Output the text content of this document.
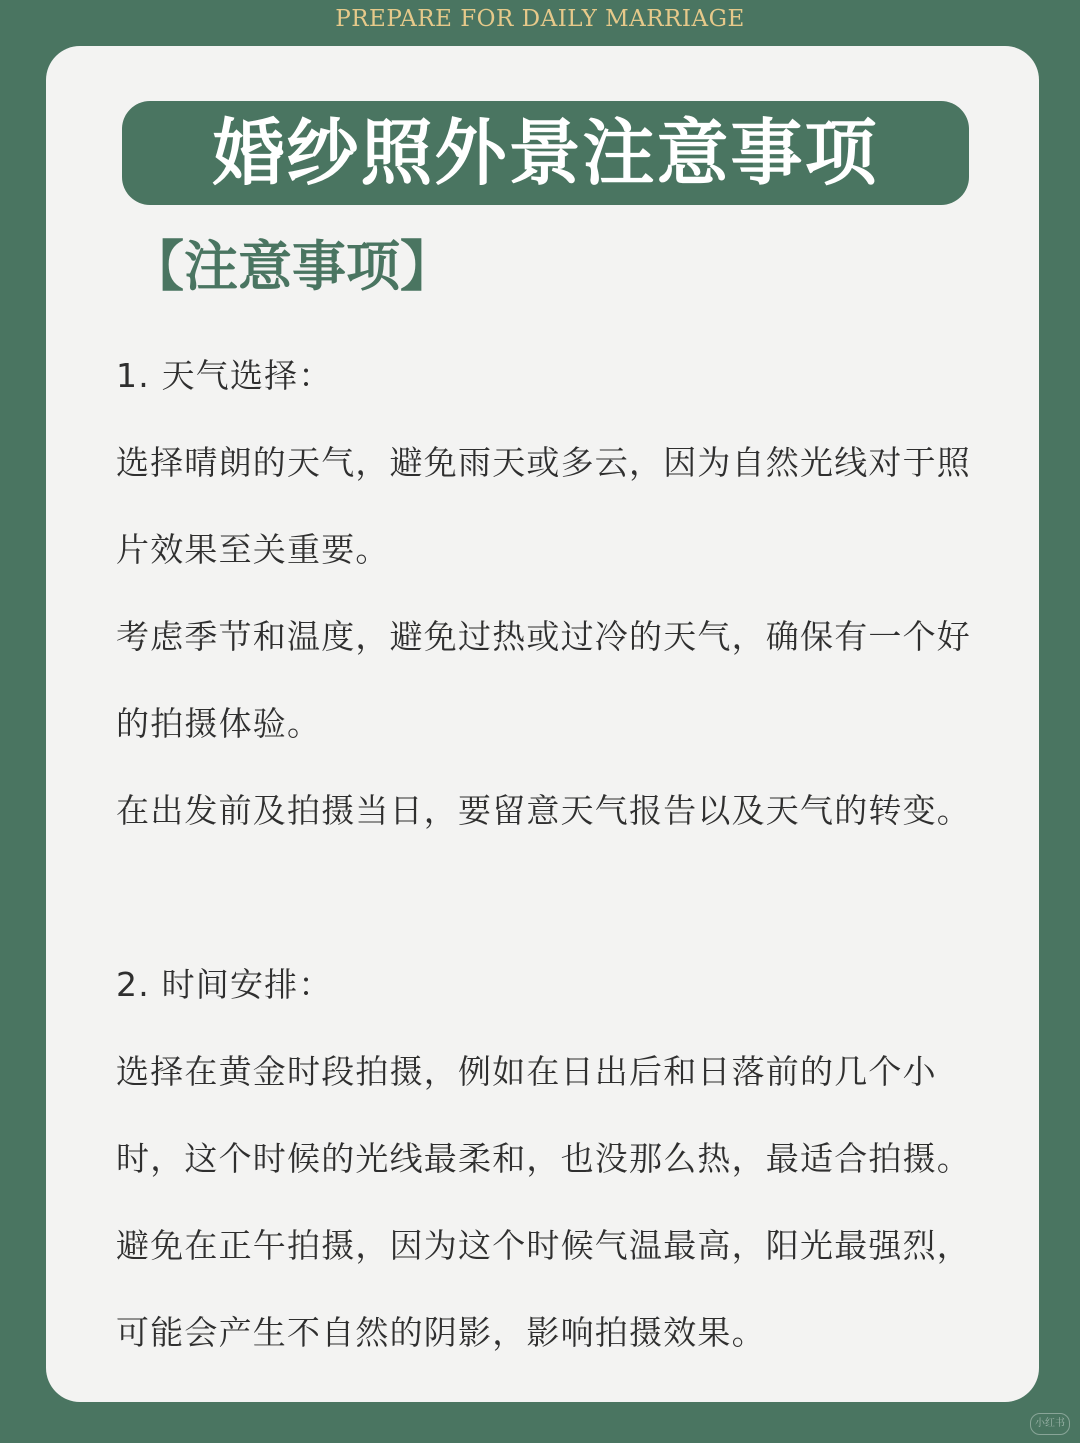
PREPARE FOR DAILY MARRIAGE
婚纱照外景注意事项
【注意事项】
1. 天气选择：
选择晴朗的天气，避免雨天或多云，因为自然光线对于照
片效果至关重要。
考虑季节和温度，避免过热或过冷的天气，确保有一个好
的拍摄体验。
在出发前及拍摄当日，要留意天气报告以及天气的转变。
2. 时间安排：
选择在黄金时段拍摄，例如在日出后和日落前的几个小
时，这个时候的光线最柔和，也没那么热，最适合拍摄。
避免在正午拍摄，因为这个时候气温最高，阳光最强烈，
可能会产生不自然的阴影，影响拍摄效果。
小红书
